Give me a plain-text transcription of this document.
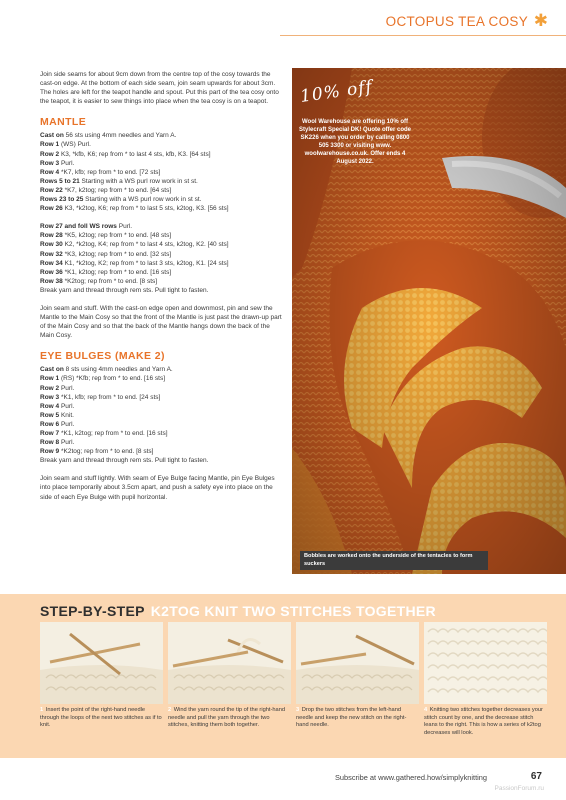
OCTOPUS TEA COSY ✱

Join side seams for about 9cm down from the centre top of the cosy towards the cast-on edge. At the bottom of each side seam, join seam upwards for about 3cm. The holes are left for the teapot handle and spout. Put this part of the tea cosy onto the teapot, it is easier to sew things into place when the tea cosy is on a teapot.

MANTLE
Cast on 56 sts using 4mm needles and Yarn A.
Row 1 (WS) Purl.
Row 2 K3, *kfb, K6; rep from * to last 4 sts, kfb, K3. [64 sts]
Row 3 Purl.
Row 4 *K7, kfb; rep from * to end. [72 sts]
Rows 5 to 21 Starting with a WS purl row work in st st.
Row 22 *K7, k2tog; rep from * to end. [64 sts]
Rows 23 to 25 Starting with a WS purl row work in st st.
Row 26 K3, *k2tog, K6; rep from * to last 5 sts, k2tog, K3. [56 sts]
Row 27 and foll WS rows Purl.
Row 28 *K5, k2tog; rep from * to end. [48 sts]
Row 30 K2, *k2tog, K4; rep from * to last 4 sts, k2tog, K2. [40 sts]
Row 32 *K3, k2tog; rep from * to end. [32 sts]
Row 34 K1, *k2tog, K2; rep from * to last 3 sts, k2tog, K1. [24 sts]
Row 36 *K1, k2tog; rep from * to end. [16 sts]
Row 38 *K2tog; rep from * to end. [8 sts]
Break yarn and thread through rem sts. Pull tight to fasten.

Join seam and stuff. With the cast-on edge open and downmost, pin and sew the Mantle to the Main Cosy so that the front of the Mantle is just past the drawn-up part of the Main Cosy and so that the back of the Mantle hangs down the back of the Main Cosy.

EYE BULGES (MAKE 2)
Cast on 8 sts using 4mm needles and Yarn A.
Row 1 (RS) *Kfb; rep from * to end. [16 sts]
Row 2 Purl.
Row 3 *K1, kfb; rep from * to end. [24 sts]
Row 4 Purl.
Row 5 Knit.
Row 6 Purl.
Row 7 *K1, k2tog; rep from * to end. [16 sts]
Row 8 Purl.
Row 9 *K2tog; rep from * to end. [8 sts]
Break yarn and thread through rem sts. Pull tight to fasten.

Join seam and stuff lightly. With seam of Eye Bulge facing Mantle, pin Eye Bulges into place temporarily about 3.5cm apart, and push a safety eye into place on the side of each Eye Bulge with pupil horizontal.

10% off
Wool Warehouse are offering 10% off Stylecraft Special DK! Quote offer code SK226 when you order by calling 0800 505 3300 or visiting www. woolwarehouse.co.uk. Offer ends 4 August 2022.
Bobbles are worked onto the underside of the tentacles to form suckers
STEP-BY-STEP K2TOG KNIT TWO STITCHES TOGETHER
1 Insert the point of the right-hand needle through the loops of the next two stitches as if to knit.
2 Wind the yarn round the tip of the right-hand needle and pull the yarn through the two stitches, knitting them both together.
3 Drop the two stitches from the left-hand needle and keep the new stitch on the right-hand needle.
4 Knitting two stitches together decreases your stitch count by one, and the decrease stitch leans to the right. This is how a series of k2tog decreases will look.
Subscribe at www.gathered.how/simplyknitting	67
PassionForum.ru
